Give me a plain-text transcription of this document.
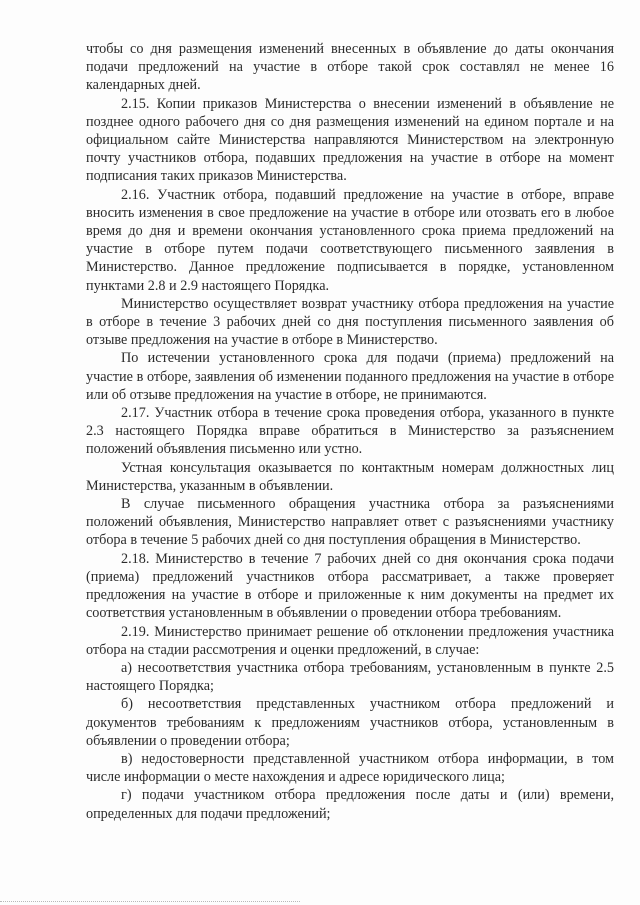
чтобы со дня размещения изменений внесенных в объявление до даты окончания подачи предложений на участие в отборе такой срок составлял не менее 16 календарных дней.

2.15. Копии приказов Министерства о внесении изменений в объявление не позднее одного рабочего дня со дня размещения изменений на едином портале и на официальном сайте Министерства направляются Министерством на электронную почту участников отбора, подавших предложения на участие в отборе на момент подписания таких приказов Министерства.

2.16. Участник отбора, подавший предложение на участие в отборе, вправе вносить изменения в свое предложение на участие в отборе или отозвать его в любое время до дня и времени окончания установленного срока приема предложений на участие в отборе путем подачи соответствующего письменного заявления в Министерство. Данное предложение подписывается в порядке, установленном пунктами 2.8 и 2.9 настоящего Порядка.

Министерство осуществляет возврат участнику отбора предложения на участие в отборе в течение 3 рабочих дней со дня поступления письменного заявления об отзыве предложения на участие в отборе в Министерство.

По истечении установленного срока для подачи (приема) предложений на участие в отборе, заявления об изменении поданного предложения на участие в отборе или об отзыве предложения на участие в отборе, не принимаются.

2.17. Участник отбора в течение срока проведения отбора, указанного в пункте 2.3 настоящего Порядка вправе обратиться в Министерство за разъяснением положений объявления письменно или устно.

Устная консультация оказывается по контактным номерам должностных лиц Министерства, указанным в объявлении.

В случае письменного обращения участника отбора за разъяснениями положений объявления, Министерство направляет ответ с разъяснениями участнику отбора в течение 5 рабочих дней со дня поступления обращения в Министерство.

2.18. Министерство в течение 7 рабочих дней со дня окончания срока подачи (приема) предложений участников отбора рассматривает, а также проверяет предложения на участие в отборе и приложенные к ним документы на предмет их соответствия установленным в объявлении о проведении отбора требованиям.

2.19. Министерство принимает решение об отклонении предложения участника отбора на стадии рассмотрения и оценки предложений, в случае:

а) несоответствия участника отбора требованиям, установленным в пункте 2.5 настоящего Порядка;

б) несоответствия представленных участником отбора предложений и документов требованиям к предложениям участников отбора, установленным в объявлении о проведении отбора;

в) недостоверности представленной участником отбора информации, в том числе информации о месте нахождения и адресе юридического лица;

г) подачи участником отбора предложения после даты и (или) времени, определенных для подачи предложений;
